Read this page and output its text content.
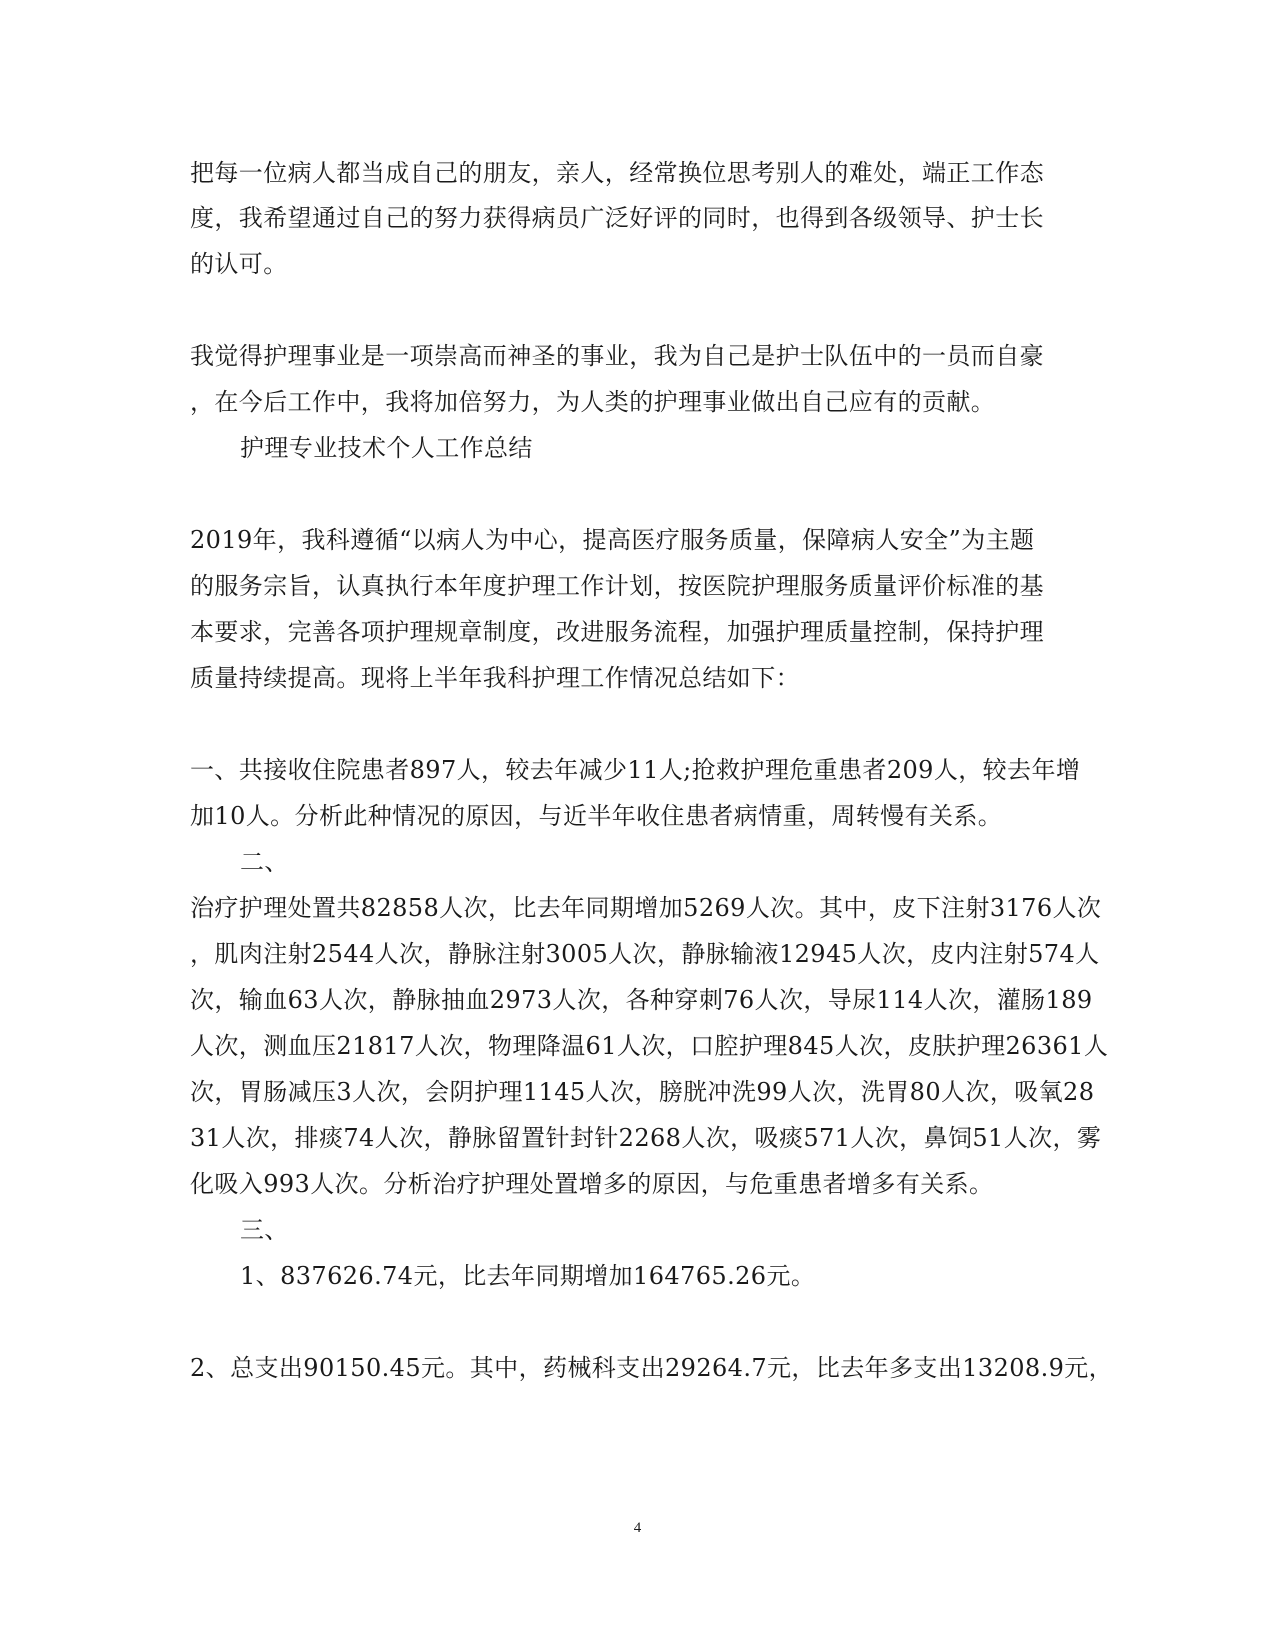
把每一位病人都当成自己的朋友，亲人，经常换位思考别人的难处，端正工作态
度，我希望通过自己的努力获得病员广泛好评的同时，也得到各级领导、护士长
的认可。
我觉得护理事业是一项崇高而神圣的事业，我为自己是护士队伍中的一员而自豪
，在今后工作中，我将加倍努力，为人类的护理事业做出自己应有的贡献。
护理专业技术个人工作总结
2019年，我科遵循“以病人为中心，提高医疗服务质量，保障病人安全”为主题
的服务宗旨，认真执行本年度护理工作计划，按医院护理服务质量评价标准的基
本要求，完善各项护理规章制度，改进服务流程，加强护理质量控制，保持护理
质量持续提高。现将上半年我科护理工作情况总结如下：
一、共接收住院患者897人，较去年减少11人;抢救护理危重患者209人，较去年增
加10人。分析此种情况的原因，与近半年收住患者病情重，周转慢有关系。
二、
治疗护理处置共82858人次，比去年同期增加5269人次。其中，皮下注射3176人次
，肌肉注射2544人次，静脉注射3005人次，静脉输液12945人次，皮内注射574人
次，输血63人次，静脉抽血2973人次，各种穿刺76人次，导尿114人次，灌肠189
人次，测血压21817人次，物理降温61人次，口腔护理845人次，皮肤护理26361人
次，胃肠减压3人次，会阴护理1145人次，膀胱冲洗99人次，洗胃80人次，吸氧28
31人次，排痰74人次，静脉留置针封针2268人次，吸痰571人次，鼻饲51人次，雾
化吸入993人次。分析治疗护理处置增多的原因，与危重患者增多有关系。
三、
1、837626.74元，比去年同期增加164765.26元。
2、总支出90150.45元。其中，药械科支出29264.7元，比去年多支出13208.9元，
4
